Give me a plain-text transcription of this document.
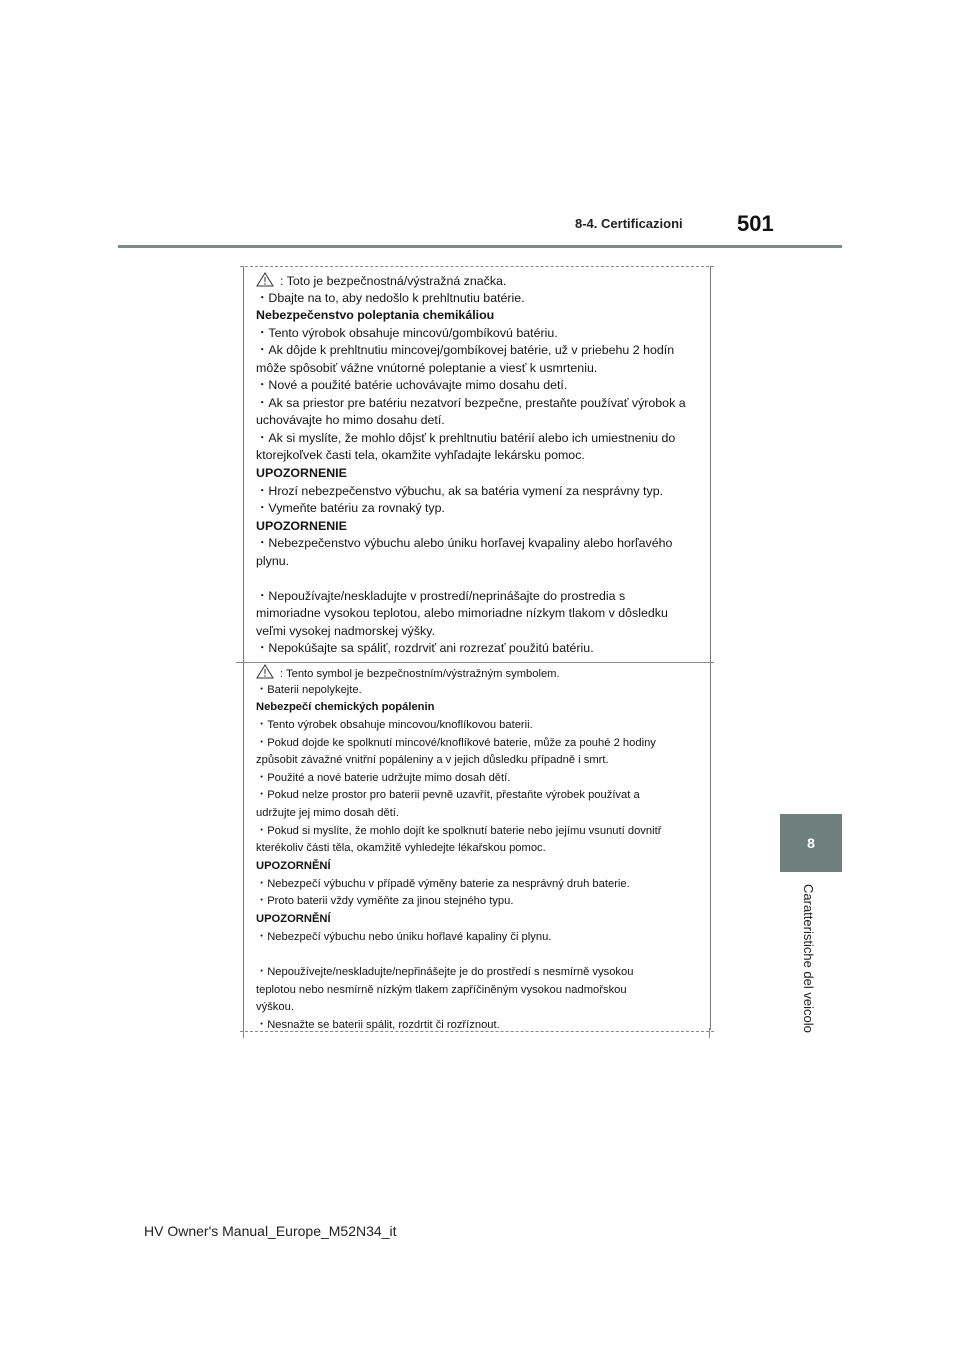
8-4. Certificazioni 501
8
Caratteristiche del veicolo
: Toto je bezpečnostná/výstražná značka.
・Dbajte na to, aby nedošlo k prehltnutiu batérie.
Nebezpečenstvo poleptania chemikáliou
・Tento výrobok obsahuje mincovú/gombíkovú batériu.
・Ak dôjde k prehltnutiu mincovej/gombíkovej batérie, už v priebehu 2 hodín
môže spôsobiť vážne vnútorné poleptanie a viesť k usmrteniu.
・Nové a použité batérie uchovávajte mimo dosahu detí.
・Ak sa priestor pre batériu nezatvorí bezpečne, prestaňte používať výrobok a
uchovávajte ho mimo dosahu detí.
・Ak si myslíte, že mohlo dôjsť k prehltnutiu batérií alebo ich umiestneniu do
ktorejkoľvek časti tela, okamžite vyhľadajte lekársku pomoc.
UPOZORNENIE
・Hrozí nebezpečenstvo výbuchu, ak sa batéria vymení za nesprávny typ.
・Vymeňte batériu za rovnaký typ.
UPOZORNENIE
・Nebezpečenstvo výbuchu alebo úniku horľavej kvapaliny alebo horľavého
plynu.
・Nepoužívajte/neskladujte v prostredí/neprinášajte do prostredia s
mimoriadne vysokou teplotou, alebo mimoriadne nízkym tlakom v dôsledku
veľmi vysokej nadmorskej výšky.
・Nepokúšajte sa spáliť, rozdrviť ani rozrezať použitú batériu.
: Tento symbol je bezpečnostním/výstražným symbolem.
・Baterii nepolykejte.
Nebezpečí chemických popálenin
・Tento výrobek obsahuje mincovou/knoflíkovou baterii.
・Pokud dojde ke spolknutí mincové/knoflíkové baterie, může za pouhé 2 hodiny
způsobit závažné vnitřní popáleniny a v jejich důsledku případně i smrt.
・Použité a nové baterie udržujte mimo dosah dětí.
・Pokud nelze prostor pro baterii pevně uzavřít, přestaňte výrobek používat a
udržujte jej mimo dosah dětí.
・Pokud si myslíte, že mohlo dojít ke spolknutí baterie nebo jejímu vsunutí dovnitř
kterékoliv části těla, okamžitě vyhledejte lékařskou pomoc.
UPOZORNĚNÍ
・Nebezpečí výbuchu v případě výměny baterie za nesprávný druh baterie.
・Proto baterii vždy vyměňte za jinou stejného typu.
UPOZORNĚNÍ
・Nebezpečí výbuchu nebo úniku hořlavé kapaliny či plynu.
・Nepoužívejte/neskladujte/nepřinášejte je do prostředí s nesmírně vysokou
teplotou nebo nesmírně nízkým tlakem zapříčiněným vysokou nadmořskou
výškou.
・Nesnažte se baterii spálit, rozdrtit či rozříznout.
HV Owner's Manual_Europe_M52N34_it
